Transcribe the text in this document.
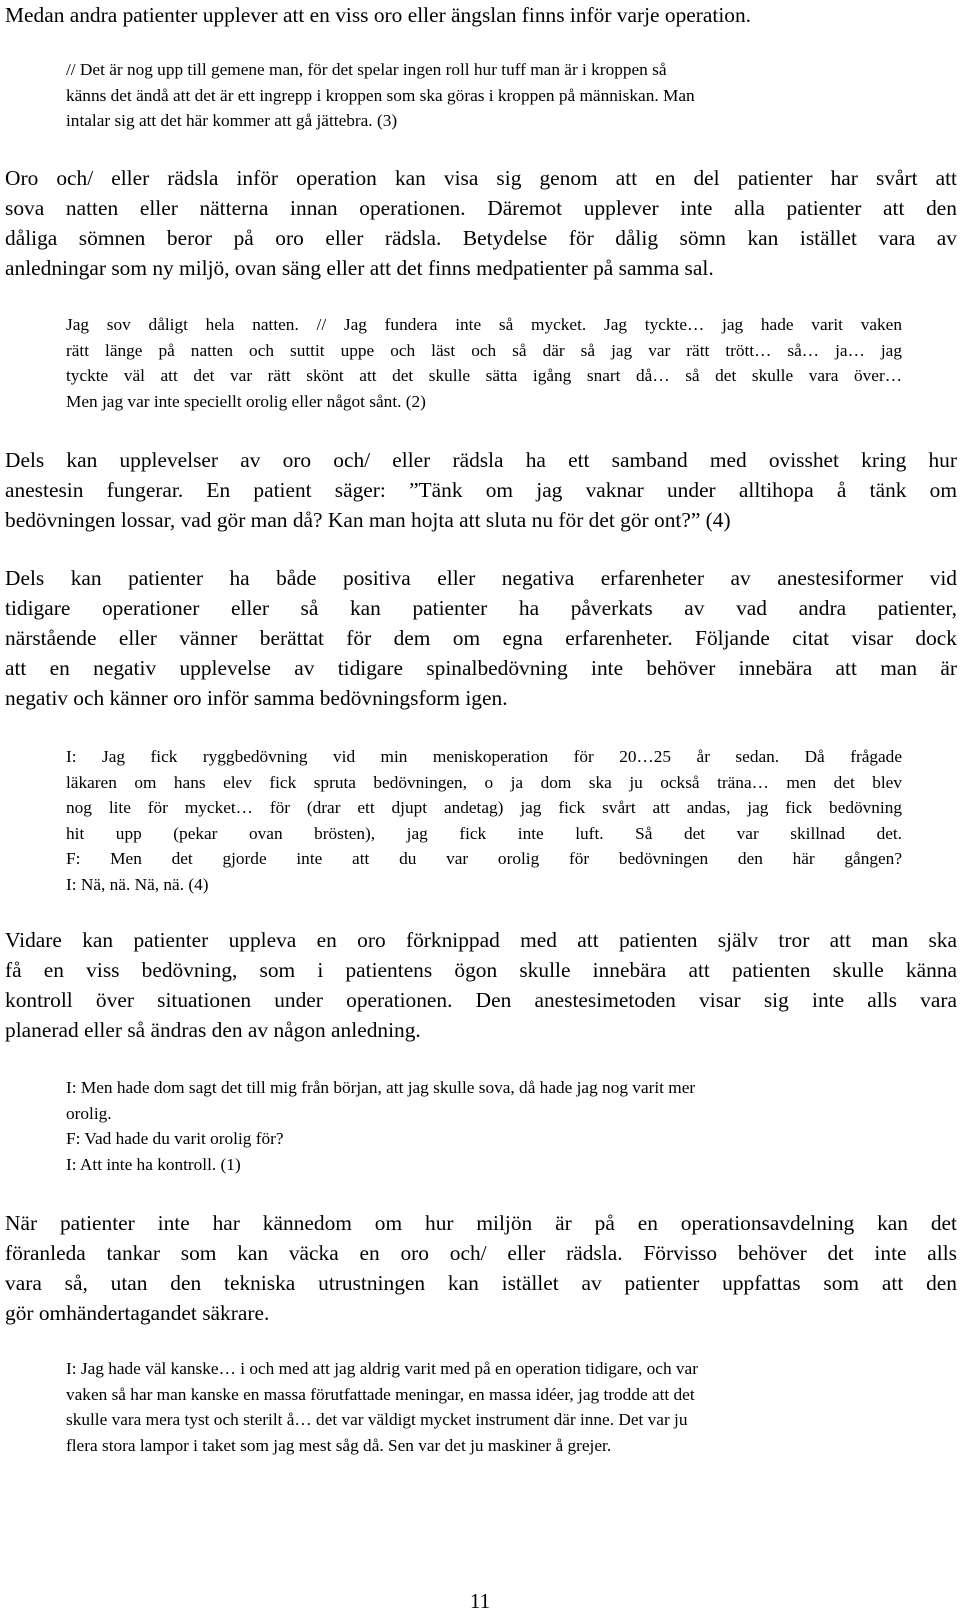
Medan andra patienter upplever att en viss oro eller ängslan finns inför varje operation.
// Det är nog upp till gemene man, för det spelar ingen roll hur tuff man är i kroppen så
känns det ändå att det är ett ingrepp i kroppen som ska göras i kroppen på människan. Man
intalar sig att det här kommer att gå jättebra. (3)
Oro och/ eller rädsla inför operation kan visa sig genom att en del patienter har svårt att
sova natten eller nätterna innan operationen. Däremot upplever inte alla patienter att den
dåliga sömnen beror på oro eller rädsla. Betydelse för dålig sömn kan istället vara av
anledningar som ny miljö, ovan säng eller att det finns medpatienter på samma sal.
Jag sov dåligt hela natten. // Jag fundera inte så mycket. Jag tyckte… jag hade varit vaken
rätt länge på natten och suttit uppe och läst och så där så jag var rätt trött… så… ja… jag
tyckte väl att det var rätt skönt att det skulle sätta igång snart då… så det skulle vara över…
Men jag var inte speciellt orolig eller något sånt. (2)
Dels kan upplevelser av oro och/ eller rädsla ha ett samband med ovisshet kring hur
anestesin fungerar. En patient säger: ”Tänk om jag vaknar under alltihopa å tänk om
bedövningen lossar, vad gör man då? Kan man hojta att sluta nu för det gör ont?” (4)
Dels kan patienter ha både positiva eller negativa erfarenheter av anestesiformer vid
tidigare operationer eller så kan patienter ha påverkats av vad andra patienter,
närstående eller vänner berättat för dem om egna erfarenheter. Följande citat visar dock
att en negativ upplevelse av tidigare spinalbedövning inte behöver innebära att man är
negativ och känner oro inför samma bedövningsform igen.
I: Jag fick ryggbedövning vid min meniskoperation för 20…25 år sedan. Då frågade
läkaren om hans elev fick spruta bedövningen, o ja dom ska ju också träna… men det blev
nog lite för mycket… för (drar ett djupt andetag) jag fick svårt att andas, jag fick bedövning
hit upp (pekar ovan brösten), jag fick inte luft. Så det var skillnad det.
F: Men det gjorde inte att du var orolig för bedövningen den här gången?
I: Nä, nä. Nä, nä. (4)
Vidare kan patienter uppleva en oro förknippad med att patienten själv tror att man ska
få en viss bedövning, som i patientens ögon skulle innebära att patienten skulle känna
kontroll över situationen under operationen. Den anestesimetoden visar sig inte alls vara
planerad eller så ändras den av någon anledning.
I: Men hade dom sagt det till mig från början, att jag skulle sova, då hade jag nog varit mer
orolig.
F: Vad hade du varit orolig för?
I: Att inte ha kontroll. (1)
När patienter inte har kännedom om hur miljön är på en operationsavdelning kan det
föranleda tankar som kan väcka en oro och/ eller rädsla. Förvisso behöver det inte alls
vara så, utan den tekniska utrustningen kan istället av patienter uppfattas som att den
gör omhändertagandet säkrare.
I: Jag hade väl kanske… i och med att jag aldrig varit med på en operation tidigare, och var
vaken så har man kanske en massa förutfattade meningar, en massa idéer, jag trodde att det
skulle vara mera tyst och sterilt å… det var väldigt mycket instrument där inne. Det var ju
flera stora lampor i taket som jag mest såg då. Sen var det ju maskiner å grejer.
11
